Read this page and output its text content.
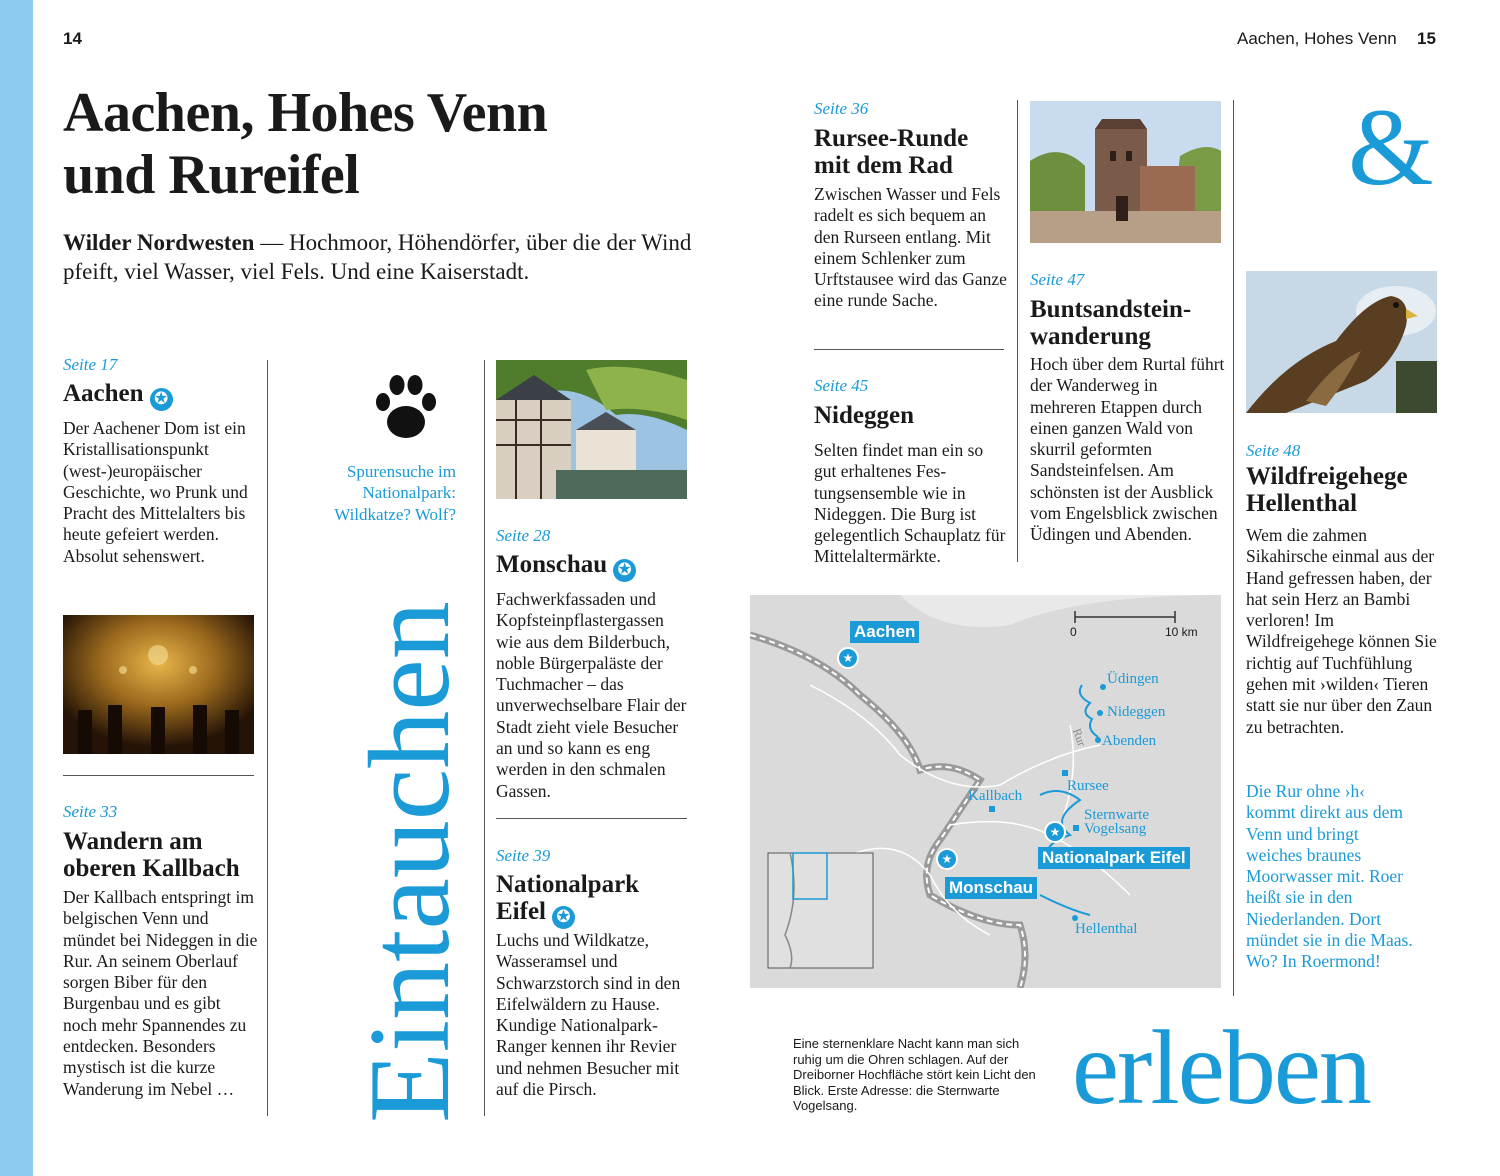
14	Aachen, Hohes Venn 15
Aachen, Hohes Venn
und Rureifel
Wilder Nordwesten — Hochmoor, Höhendörfer, über die der Wind pfeift, viel Wasser, viel Fels. Und eine Kaiserstadt.
Seite 17
Aachen ✪
Der Aachener Dom ist ein Kristallisationspunkt (west-)europäischer Geschichte, wo Prunk und Pracht des Mittelalters bis heute gefeiert werden. Absolut sehenswert.
Seite 33
Wandern am oberen Kallbach
Der Kallbach entspringt im belgischen Venn und mündet bei Nideggen in die Rur. An seinem Oberlauf sorgen Biber für den Burgenbau und es gibt noch mehr Spannendes zu entdecken. Besonders mystisch ist die kurze Wanderung im Nebel …
Spurensuche im Nationalpark: Wildkatze? Wolf?
Eintauchen
Seite 28
Monschau ✪
Fachwerkfassaden und Kopfsteinpflastergassen wie aus dem Bilderbuch, noble Bürgerpaläste der Tuchmacher – das unverwechselbare Flair der Stadt zieht viele Besucher an und so kann es eng werden in den schmalen Gassen.
Seite 39
Nationalpark Eifel ✪
Luchs und Wildkatze, Wasseramsel und Schwarzstorch sind in den Eifelwäldern zu Hause. Kundige Nationalpark-Ranger kennen ihr Revier und nehmen Besucher mit auf die Pirsch.
Seite 36
Rursee-Runde mit dem Rad
Zwischen Wasser und Fels radelt es sich bequem an den Rurseen entlang. Mit einem Schlenker zum Urftstausee wird das Ganze eine runde Sache.
Seite 45
Nideggen
Selten findet man ein so gut erhaltenes Festungsensemble wie in Nideggen. Die Burg ist gelegentlich Schauplatz für Mittelaltermärkte.
Seite 47
Buntsandsteinwanderung
Hoch über dem Rurtal führt der Wanderweg in mehreren Etappen durch einen ganzen Wald von skurril geformten Sandsteinfelsen. Am schönsten ist der Ausblick vom Engelsblick zwischen Üdingen und Abenden.
&
Seite 48
Wildfreigehege Hellenthal
Wem die zahmen Sikahirsche einmal aus der Hand gefressen haben, der hat sein Herz an Bambi verloren! Im Wildfreigehege können Sie richtig auf Tuchfühlung gehen mit ›wilden‹ Tieren statt sie nur über den Zaun zu betrachten.
Die Rur ohne ›h‹ kommt direkt aus dem Venn und bringt weiches braunes Moorwasser mit. Roer heißt sie in den Niederlanden. Dort mündet sie in die Maas. Wo? In Roermond!
★
★
★
0	10 km
Rur
Aachen
Monschau
Nationalpark Eifel
Üdingen
Nideggen
Abenden
Rursee
Kallbach
Sternwarte
Vogelsang
Hellenthal
Eine sternenklare Nacht kann man sich ruhig um die Ohren schlagen. Auf der Dreiborner Hochfläche stört kein Licht den Blick. Erste Adresse: die Sternwarte Vogelsang.	erleben
